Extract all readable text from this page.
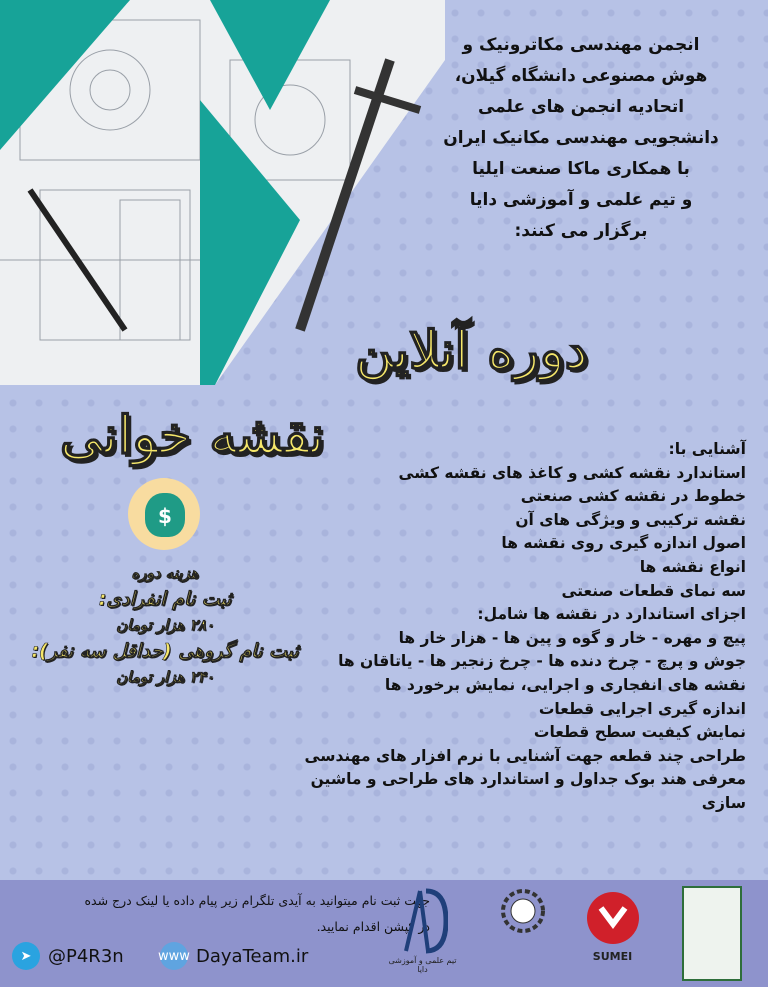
انجمن مهندسی مکاترونیک و
هوش مصنوعی دانشگاه گیلان،
اتحادیه انجمن های علمی
دانشجویی مهندسی مکانیک ایران
با همکاری ماکا صنعت ایلیا
و تیم علمی و آموزشی دایا
برگزار می کنند:
دوره آنلاین
نقشه خوانی
$
هزینه دوره
ثبت نام انفرادی:
۲۸۰ هزار تومان
ثبت نام گروهی (حداقل سه نفر):
۲۴۰ هزار تومان
آشنایی با:
استاندارد نقشه کشی و کاغذ های نقشه کشی
خطوط در نقشه کشی صنعتی
نقشه ترکیبی و ویژگی های آن
اصول اندازه گیری روی نقشه ها
انواع نقشه ها
سه نمای قطعات صنعتی
اجزای استاندارد در نقشه ها شامل:
پیچ و مهره - خار و گوه و پین ها - هزار خار ها
جوش و پرچ - چرخ دنده ها - چرخ زنجیر ها - یاتاقان ها
نقشه های انفجاری و اجرایی، نمایش برخورد ها
اندازه گیری اجرایی قطعات
نمایش کیفیت سطح قطعات
طراحی چند قطعه جهت آشنایی با نرم افزار های مهندسی
معرفی هند بوک جداول و استاندارد های طراحی و ماشین سازی
جهت ثبت نام میتوانید به آیدی تلگرام زیر پیام داده یا لینک درج شده
در کپشن اقدام نمایید.
➤ @P4R3n	www DayaTeam.ir	تیم علمی و آموزشی دایا
SUMEI
